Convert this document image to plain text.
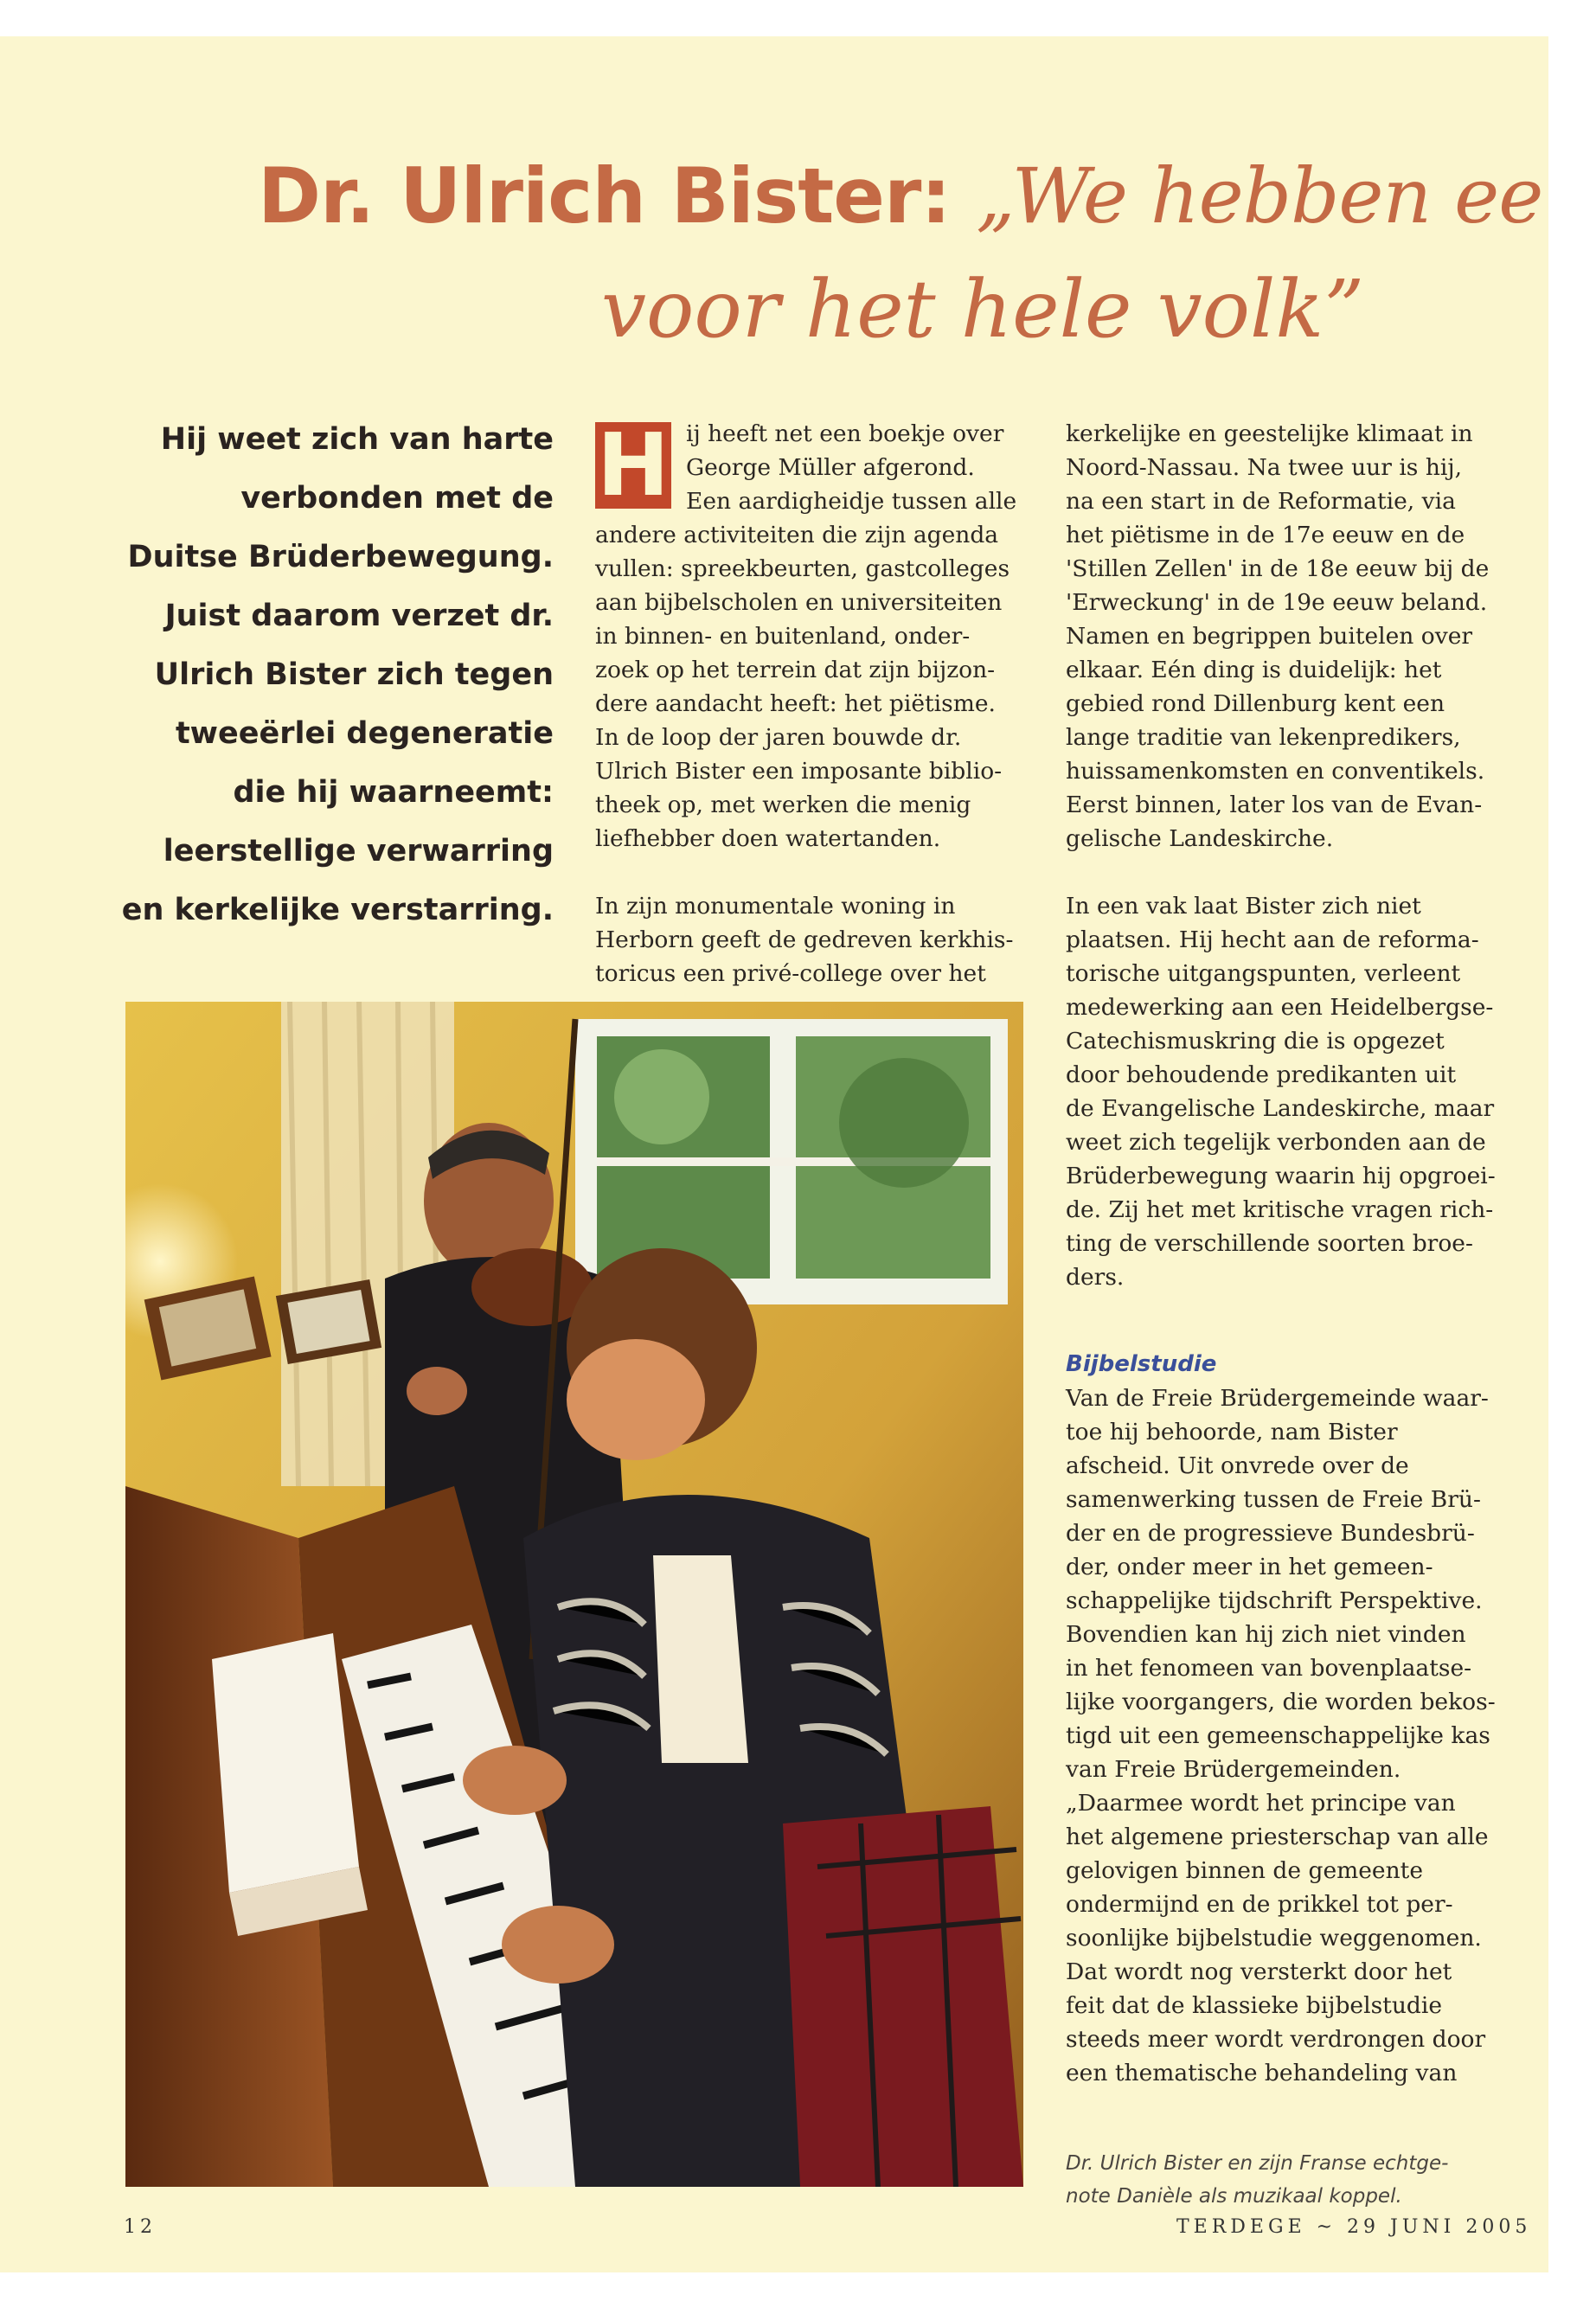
Dr. Ulrich Bister: „We hebben ee
voor het hele volk”
Hij weet zich van harte verbonden met de Duitse Brüderbewegung. Juist daarom verzet dr. Ulrich Bister zich tegen tweeërlei degeneratie die hij waarneemt: leerstellige verwarring en kerkelijke verstarring.
H ij heeft net een boekje over
George Müller afgerond.
Een aardigheidje tussen alle
andere activiteiten die zijn agenda
vullen: spreekbeurten, gastcolleges
aan bijbelscholen en universiteiten
in binnen- en buitenland, onder-
zoek op het terrein dat zijn bijzon-
dere aandacht heeft: het piëtisme.
In de loop der jaren bouwde dr.
Ulrich Bister een imposante biblio-
theek op, met werken die menig
liefhebber doen watertanden.

In zijn monumentale woning in
Herborn geeft de gedreven kerkhis-
toricus een privé-college over het

kerkelijke en geestelijke klimaat in
Noord-Nassau. Na twee uur is hij,
na een start in de Reformatie, via
het piëtisme in de 17e eeuw en de
'Stillen Zellen' in de 18e eeuw bij de
'Erweckung' in de 19e eeuw beland.
Namen en begrippen buitelen over
elkaar. Eén ding is duidelijk: het
gebied rond Dillenburg kent een
lange traditie van lekenpredikers,
huissamenkomsten en conventikels.
Eerst binnen, later los van de Evan-
gelische Landeskirche.

In een vak laat Bister zich niet
plaatsen. Hij hecht aan de reforma-
torische uitgangspunten, verleent
medewerking aan een Heidelbergse-
Catechismuskring die is opgezet
door behoudende predikanten uit
de Evangelische Landeskirche, maar
weet zich tegelijk verbonden aan de
Brüderbewegung waarin hij opgroei-
de. Zij het met kritische vragen rich-
ting de verschillende soorten broe-
ders.

Bijbelstudie

Van de Freie Brüdergemeinde waar-
toe hij behoorde, nam Bister
afscheid. Uit onvrede over de
samenwerking tussen de Freie Brü-
der en de progressieve Bundesbrü-
der, onder meer in het gemeen-
schappelijke tijdschrift Perspektive.
Bovendien kan hij zich niet vinden
in het fenomeen van bovenplaatse-
lijke voorgangers, die worden bekos-
tigd uit een gemeenschappelijke kas
van Freie Brüdergemeinden.
„Daarmee wordt het principe van
het algemene priesterschap van alle
gelovigen binnen de gemeente
ondermijnd en de prikkel tot per-
soonlijke bijbelstudie weggenomen.
Dat wordt nog versterkt door het
feit dat de klassieke bijbelstudie
steeds meer wordt verdrongen door
een thematische behandeling van

Dr. Ulrich Bister en zijn Franse echtge-
note Danièle als muzikaal koppel.
12	TERDEGE ~ 29 JUNI 2005
